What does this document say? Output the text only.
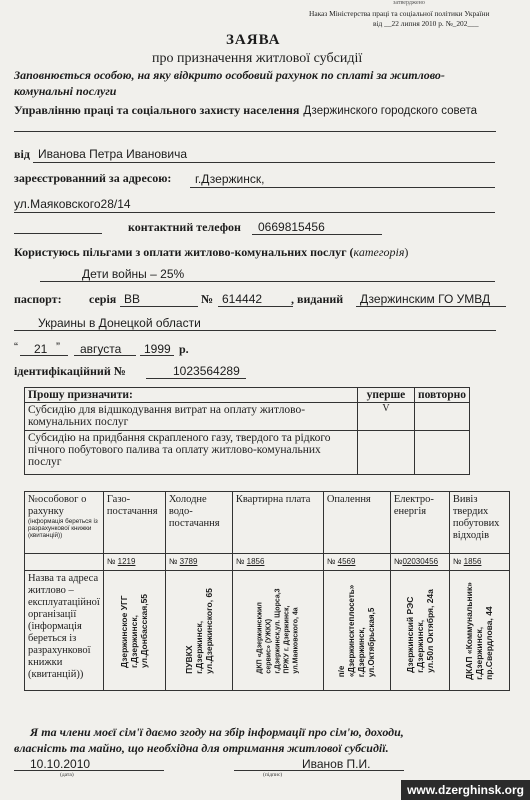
затверджено
Наказ Міністерства праці та соціальної політики України
від __22 липня 2010 р. №_202___
ЗАЯВА
про призначення житлової субсидії
Заповнюється особою, на яку відкрито особовий рахунок по сплаті за житлово-
комунальні послуги
Управлінню праці та соціального захисту населення Дзержинского городского совета
від Иванова Петра Ивановича
зареєстрованний за адресою: г.Дзержинск,
ул.Маяковского28/14
контактний телефон 0669815456
Користуюсь пільгами з оплати житлово-комунальних послуг (категорія)
Дети войны – 25%
паспорт: серія ВВ	№ 614442 , виданий Дзержинским ГО УМВД
Украины в Донецкой области
“ 21 ” августа 1999 р.
ідентифікаційний №	1023564289
Прошу призначити:	уперше	повторно
Субсидію для відшкодування витрат на оплату житлово-комунальних послуг	V	
Субсидію на придбання скрапленого газу, твердого та рідкого пічного побутового палива та оплату житлово-комунальних послуг		
№особовог о рахунку
(інформація береться із разрахункової книжки (квитанцій))	Газо-постачання	Холодне водо-постачання	Квартирна плата	Опалення	Електро-енергія	Вивіз твердих побутових відходів
	№ 1219	№ 3789	№ 1856	№ 4569	№02030456	№ 1856
Назва та адреса житлово – експлуатаційної організації (інформація береться із разрахункової книжки (квитанцій))	Дзержинское УГГ г.Дзержинск, ул.Донбасская,55	ПУВКХ г.Дзержинск, ул.Дзержинского, 65	ДКП «Дзержинскжил сервис» (УЖКХ) г.Дзержинск,ул. Щорса,3 ПРЖУ г. Дзержинск, ул.Маяковского, 4а	п/е «Дзержинсктеплосеть» г.Дзержинск, ул.Октябрьская,5	Дзержинский РЭС г.Дзержинск, ул.50л Октября, 24а	ДКАП «Коммунальник» г.Дзержинск, пр.Свердлова, 44
Я та члени моєї сім'ї даємо згоду на збір інформації про сім'ю, доходи,
власність та майно, що необхідна для отримання житлової субсидії.
10.10.2010
(дата)
Иванов П.И.
(підпис)
www.dzerghinsk.org
